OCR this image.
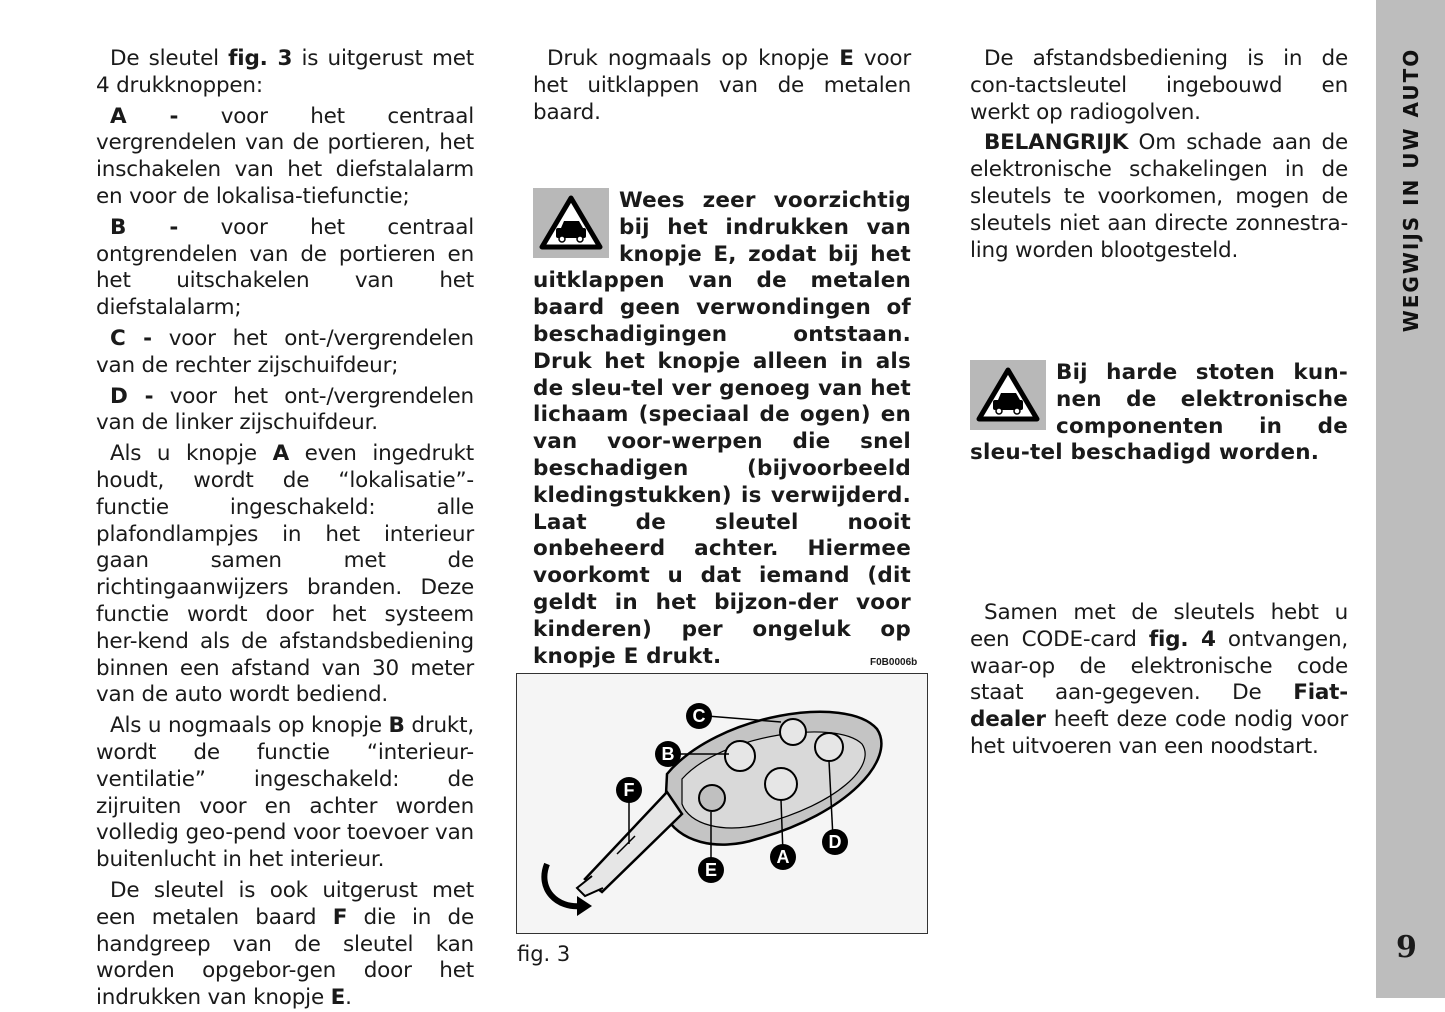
De sleutel fig. 3 is uitgerust met 4 drukknoppen:

A - voor het centraal vergrendelen van de portieren, het inschakelen van het diefstalalarm en voor de lokalisa-tiefunctie;

B - voor het centraal ontgrendelen van de portieren en het uitschakelen van het diefstalalarm;

C - voor het ont-/vergrendelen van de rechter zijschuifdeur;

D - voor het ont-/vergrendelen van de linker zijschuifdeur.

Als u knopje A even ingedrukt houdt, wordt de “lokalisatie”-functie ingeschakeld: alle plafondlampjes in het interieur gaan samen met de richtingaanwijzers branden. Deze functie wordt door het systeem her-kend als de afstandsbediening binnen een afstand van 30 meter van de auto wordt bediend.

Als u nogmaals op knopje B drukt, wordt de functie “interieur-ventilatie” ingeschakeld: de zijruiten voor en achter worden volledig geo-pend voor toevoer van buitenlucht in het interieur.

De sleutel is ook uitgerust met een metalen baard F die in de handgreep van de sleutel kan worden opgebor-gen door het indrukken van knopje E.

Druk nogmaals op knopje E voor het uitklappen van de metalen baard.

Wees zeer voorzichtig bij het indrukken van knopje E, zodat bij het uitklappen van de metalen baard geen verwondingen of beschadigingen ontstaan. Druk het knopje alleen in als de sleu-tel ver genoeg van het lichaam (speciaal de ogen) en van voor-werpen die snel beschadigen (bijvoorbeeld kledingstukken) is verwijderd. Laat de sleutel nooit onbeheerd achter. Hiermee voorkomt u dat iemand (dit geldt in het bijzon-der voor kinderen) per ongeluk op knopje E drukt.	F0B0006b
C
B
F
D
A
E
fig. 3

De afstandsbediening is in de con-tactsleutel ingebouwd en werkt op radiogolven.

BELANGRIJK Om schade aan de elektronische schakelingen in de sleutels te voorkomen, mogen de sleutels niet aan directe zonnestra-ling worden blootgesteld.

Bij harde stoten kun-nen de elektronische componenten in de sleu-tel beschadigd worden.

Samen met de sleutels hebt u een CODE-card fig. 4 ontvangen, waar-op de elektronische code staat aan-gegeven. De Fiat-dealer heeft deze code nodig voor het uitvoeren van een noodstart.

WEGWIJS IN UW AUTO
9
